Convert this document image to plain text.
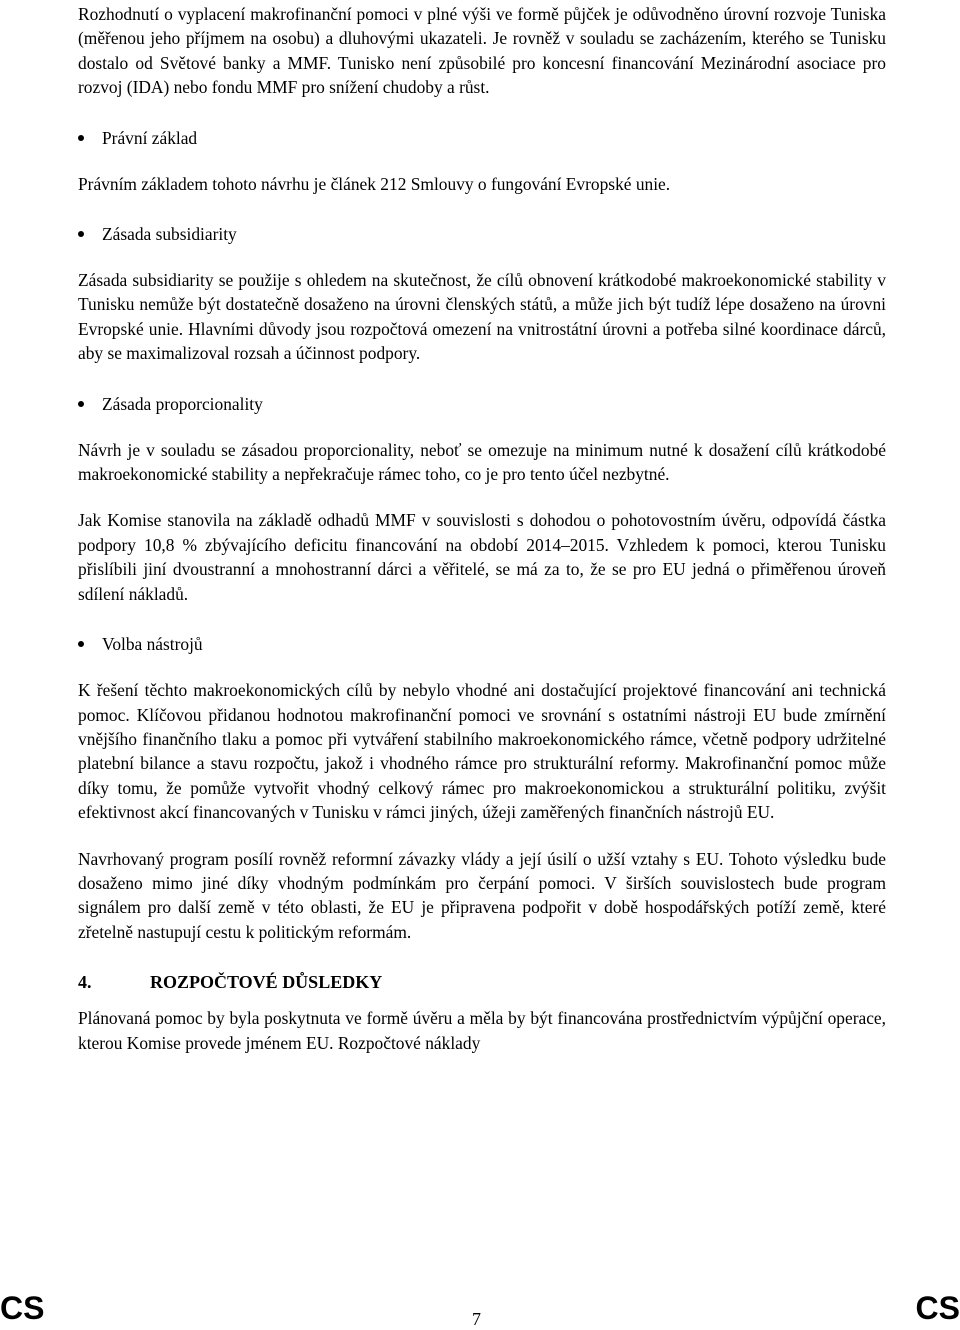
Rozhodnutí o vyplacení makrofinanční pomoci v plné výši ve formě půjček je odůvodněno úrovní rozvoje Tuniska (měřenou jeho příjmem na osobu) a dluhovými ukazateli. Je rovněž v souladu se zacházením, kterého se Tunisku dostalo od Světové banky a MMF. Tunisko není způsobilé pro koncesní financování Mezinárodní asociace pro rozvoj (IDA) nebo fondu MMF pro snížení chudoby a růst.

Právní základ

Právním základem tohoto návrhu je článek 212 Smlouvy o fungování Evropské unie.

Zásada subsidiarity

Zásada subsidiarity se použije s ohledem na skutečnost, že cílů obnovení krátkodobé makroekonomické stability v Tunisku nemůže být dostatečně dosaženo na úrovni členských států, a může jich být tudíž lépe dosaženo na úrovni Evropské unie. Hlavními důvody jsou rozpočtová omezení na vnitrostátní úrovni a potřeba silné koordinace dárců, aby se maximalizoval rozsah a účinnost podpory.

Zásada proporcionality

Návrh je v souladu se zásadou proporcionality, neboť se omezuje na minimum nutné k dosažení cílů krátkodobé makroekonomické stability a nepřekračuje rámec toho, co je pro tento účel nezbytné.

Jak Komise stanovila na základě odhadů MMF v souvislosti s dohodou o pohotovostním úvěru, odpovídá částka podpory 10,8 % zbývajícího deficitu financování na období 2014–2015. Vzhledem k pomoci, kterou Tunisku přislíbili jiní dvoustranní a mnohostranní dárci a věřitelé, se má za to, že se pro EU jedná o přiměřenou úroveň sdílení nákladů.

Volba nástrojů

K řešení těchto makroekonomických cílů by nebylo vhodné ani dostačující projektové financování ani technická pomoc. Klíčovou přidanou hodnotou makrofinanční pomoci ve srovnání s ostatními nástroji EU bude zmírnění vnějšího finančního tlaku a pomoc při vytváření stabilního makroekonomického rámce, včetně podpory udržitelné platební bilance a stavu rozpočtu, jakož i vhodného rámce pro strukturální reformy. Makrofinanční pomoc může díky tomu, že pomůže vytvořit vhodný celkový rámec pro makroekonomickou a strukturální politiku, zvýšit efektivnost akcí financovaných v Tunisku v rámci jiných, úžeji zaměřených finančních nástrojů EU.

Navrhovaný program posílí rovněž reformní závazky vlády a její úsilí o užší vztahy s EU. Tohoto výsledku bude dosaženo mimo jiné díky vhodným podmínkám pro čerpání pomoci. V širších souvislostech bude program signálem pro další země v této oblasti, že EU je připravena podpořit v době hospodářských potíží země, které zřetelně nastupují cestu k politickým reformám.

4.	ROZPOČTOVÉ DŮSLEDKY

Plánovaná pomoc by byla poskytnuta ve formě úvěru a měla by být financována prostřednictvím výpůjční operace, kterou Komise provede jménem EU. Rozpočtové náklady

CS	7	CS
